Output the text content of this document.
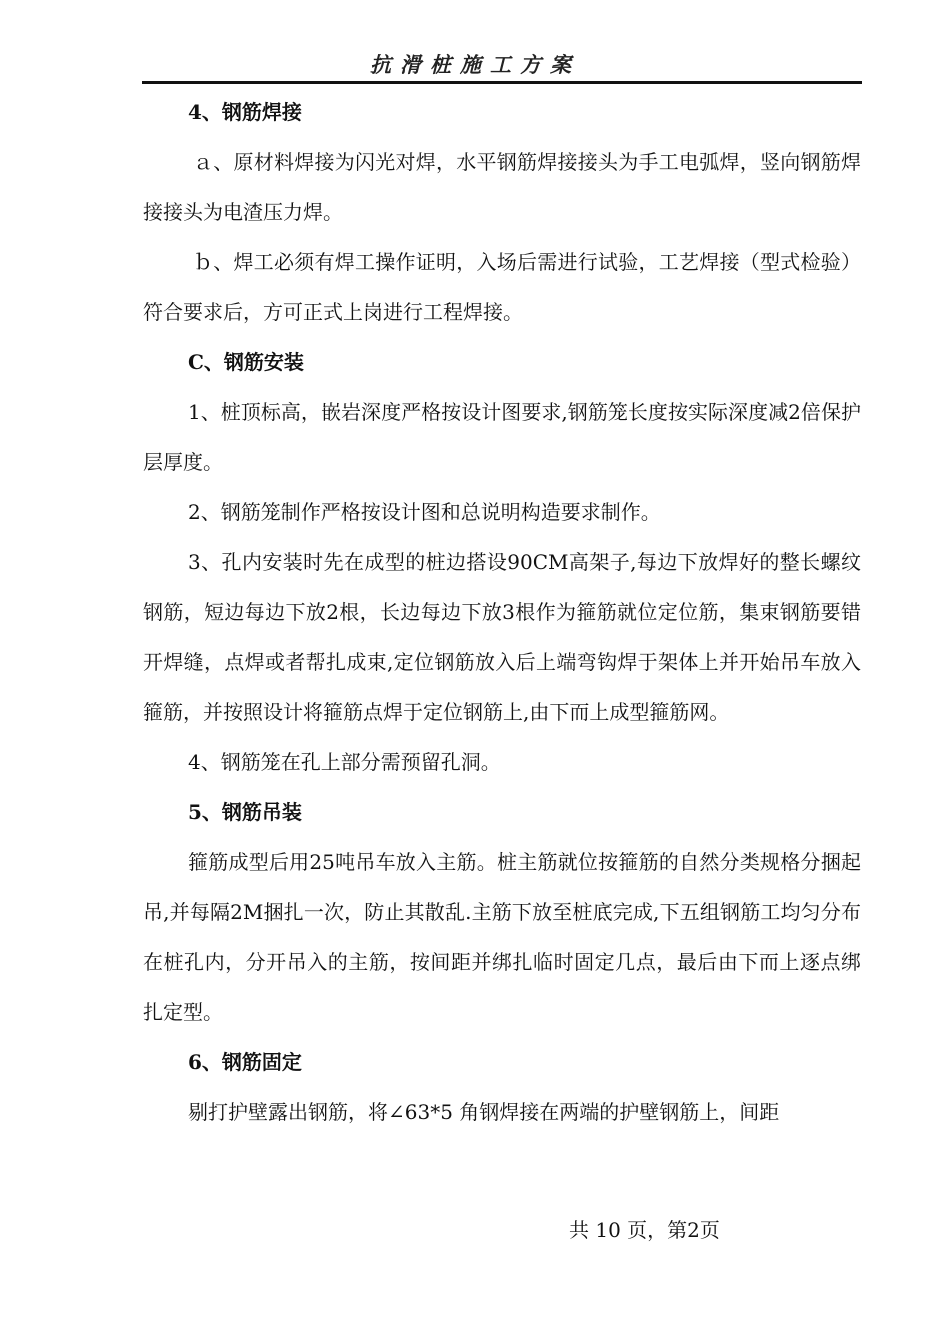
抗滑桩施工方案

4、钢筋焊接

ａ、原材料焊接为闪光对焊，水平钢筋焊接接头为手工电弧焊，竖向钢筋焊接接头为电渣压力焊。

ｂ、焊工必须有焊工操作证明，入场后需进行试验，工艺焊接（型式检验）符合要求后，方可正式上岗进行工程焊接。

C、钢筋安装

1、桩顶标高，嵌岩深度严格按设计图要求,钢筋笼长度按实际深度减2倍保护层厚度。

2、钢筋笼制作严格按设计图和总说明构造要求制作。

3、孔内安装时先在成型的桩边搭设90CM高架子,每边下放焊好的整长螺纹钢筋，短边每边下放2根，长边每边下放3根作为箍筋就位定位筋，集束钢筋要错开焊缝，点焊或者帮扎成束,定位钢筋放入后上端弯钩焊于架体上并开始吊车放入箍筋，并按照设计将箍筋点焊于定位钢筋上,由下而上成型箍筋网。

4、钢筋笼在孔上部分需预留孔洞。

5、钢筋吊装

箍筋成型后用25吨吊车放入主筋。桩主筋就位按箍筋的自然分类规格分捆起吊,并每隔2M捆扎一次，防止其散乱.主筋下放至桩底完成,下五组钢筋工均匀分布在桩孔内，分开吊入的主筋，按间距并绑扎临时固定几点，最后由下而上逐点绑扎定型。

6、钢筋固定

剔打护壁露出钢筋，将∠63*5 角钢焊接在两端的护壁钢筋上，间距

共 10 页，第2页
